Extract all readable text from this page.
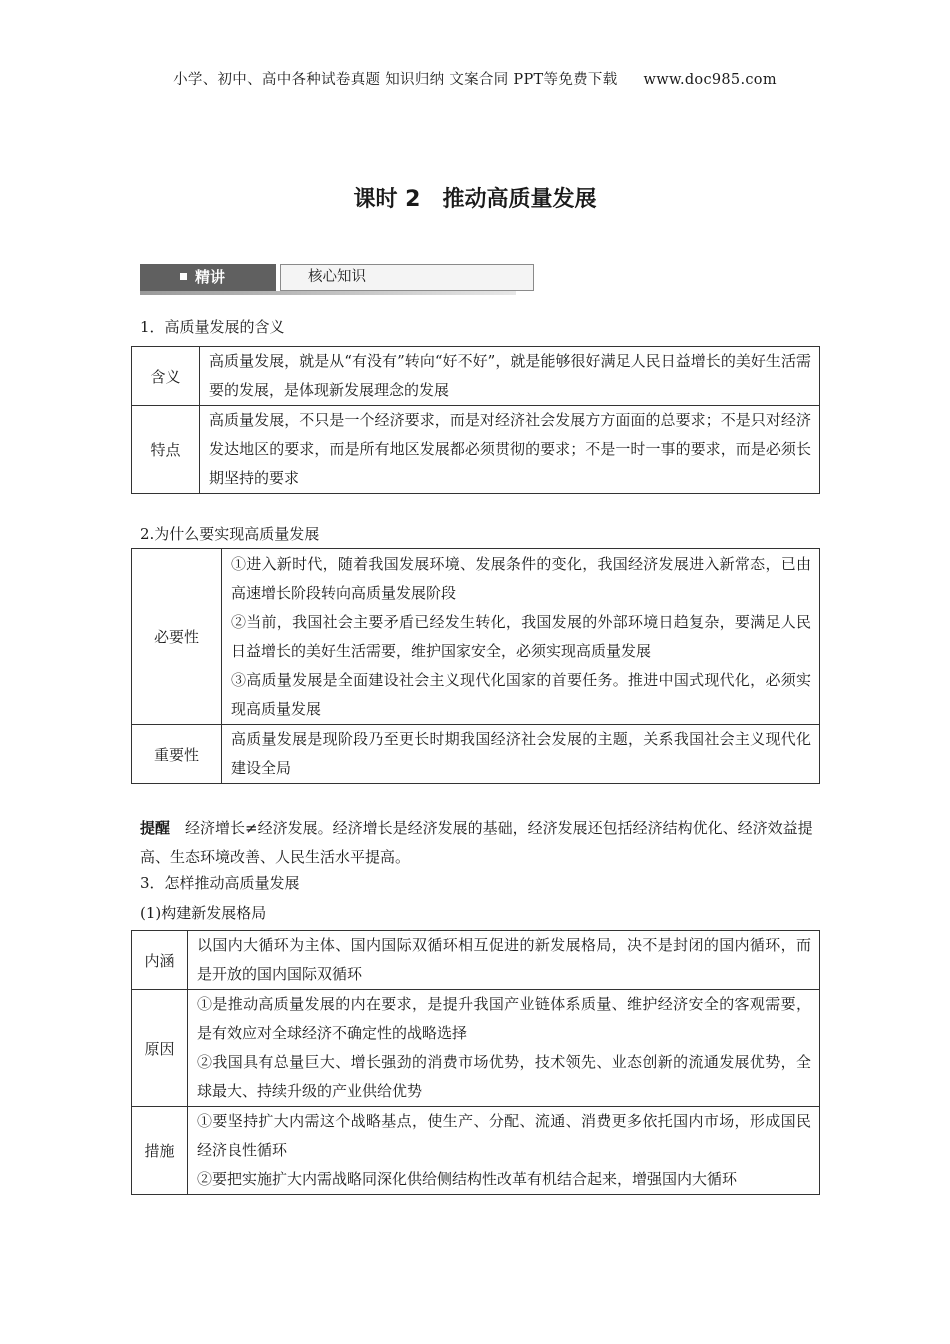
小学、初中、高中各种试卷真题 知识归纳 文案合同 PPT等免费下载 www.doc985.com
课时 2　推动高质量发展
精讲	核心知识
1．高质量发展的含义
含义	高质量发展，就是从“有没有”转向“好不好”，就是能够很好满足人民日益增长的美好生活需要的发展，是体现新发展理念的发展
特点	高质量发展，不只是一个经济要求，而是对经济社会发展方方面面的总要求；不是只对经济发达地区的要求，而是所有地区发展都必须贯彻的要求；不是一时一事的要求，而是必须长期坚持的要求
2.为什么要实现高质量发展
必要性	①进入新时代，随着我国发展环境、发展条件的变化，我国经济发展进入新常态，已由高速增长阶段转向高质量发展阶段
②当前，我国社会主要矛盾已经发生转化，我国发展的外部环境日趋复杂，要满足人民日益增长的美好生活需要，维护国家安全，必须实现高质量发展
③高质量发展是全面建设社会主义现代化国家的首要任务。推进中国式现代化，必须实现高质量发展

重要性	高质量发展是现阶段乃至更长时期我国经济社会发展的主题，关系我国社会主义现代化建设全局
提醒　 经济增长≠经济发展。经济增长是经济发展的基础，经济发展还包括经济结构优化、经济效益提高、生态环境改善、人民生活水平提高。
3．怎样推动高质量发展
(1)构建新发展格局
内涵	以国内大循环为主体、国内国际双循环相互促进的新发展格局，决不是封闭的国内循环，而是开放的国内国际双循环

原因	①是推动高质量发展的内在要求，是提升我国产业链体系质量、维护经济安全的客观需要，是有效应对全球经济不确定性的战略选择
②我国具有总量巨大、增长强劲的消费市场优势，技术领先、业态创新的流通发展优势，全球最大、持续升级的产业供给优势

措施	①要坚持扩大内需这个战略基点，使生产、分配、流通、消费更多依托国内市场，形成国民经济良性循环
②要把实施扩大内需战略同深化供给侧结构性改革有机结合起来，增强国内大循环
